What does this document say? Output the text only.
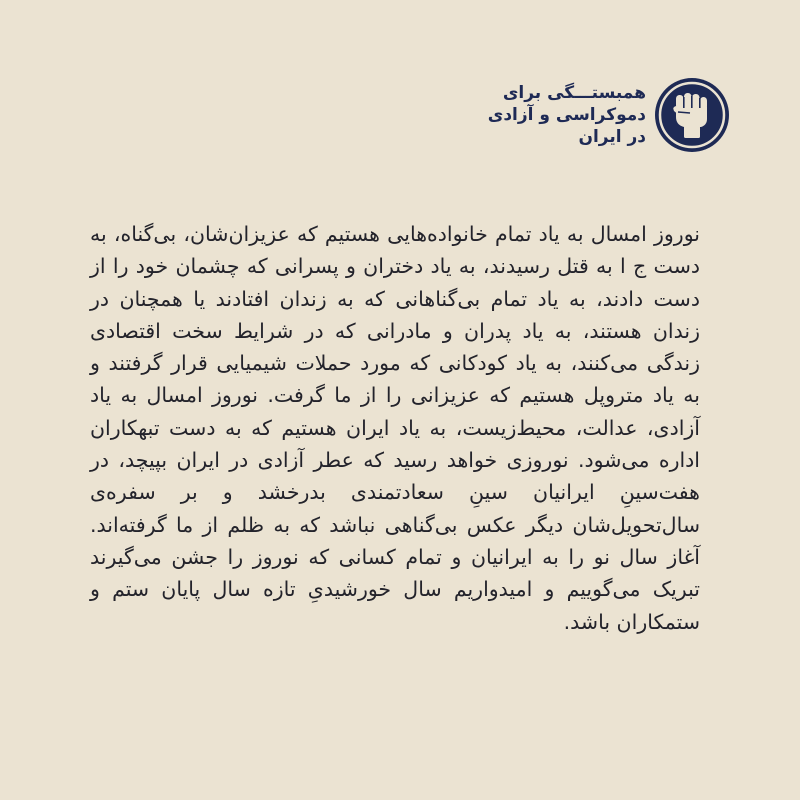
همبستـــگی برای
دموکراسی و آزادی
در ایران

نوروز امسال به یاد تمام خانواده‌هایی هستیم که عزیزان‌شان، بی‌گناه، به دست ج ا به قتل رسیدند، به یاد دختران و پسرانی که چشمان خود را از دست دادند، به یاد تمام بی‌گناهانی که به زندان افتادند یا همچنان در زندان هستند، به یاد پدران و مادرانی که در شرایط سخت اقتصادی زندگی می‌کنند، به یاد کودکانی که مورد حملات شیمیایی قرار گرفتند و به یاد متروپل هستیم که عزیزانی را از ما گرفت. نوروز امسال به یاد آزادی، عدالت، محیط‌زیست، به یاد ایران هستیم که به دست تبهکاران اداره می‌شود. نوروزی خواهد رسید که عطر آزادی در ایران بپیچد، در هفت‌سینِ ایرانیان سینِ سعادتمندی بدرخشد و بر سفره‌ی سال‌تحویل‌شان دیگر عکس بی‌گناهی نباشد که به ظلم از ما گرفته‌اند. آغاز سال نو را به ایرانیان و تمام کسانی که نوروز را جشن می‌گیرند تبریک می‌گوییم و امیدواریم سال خورشیدیِ تازه سال پایان ستم و ستمکاران باشد.
